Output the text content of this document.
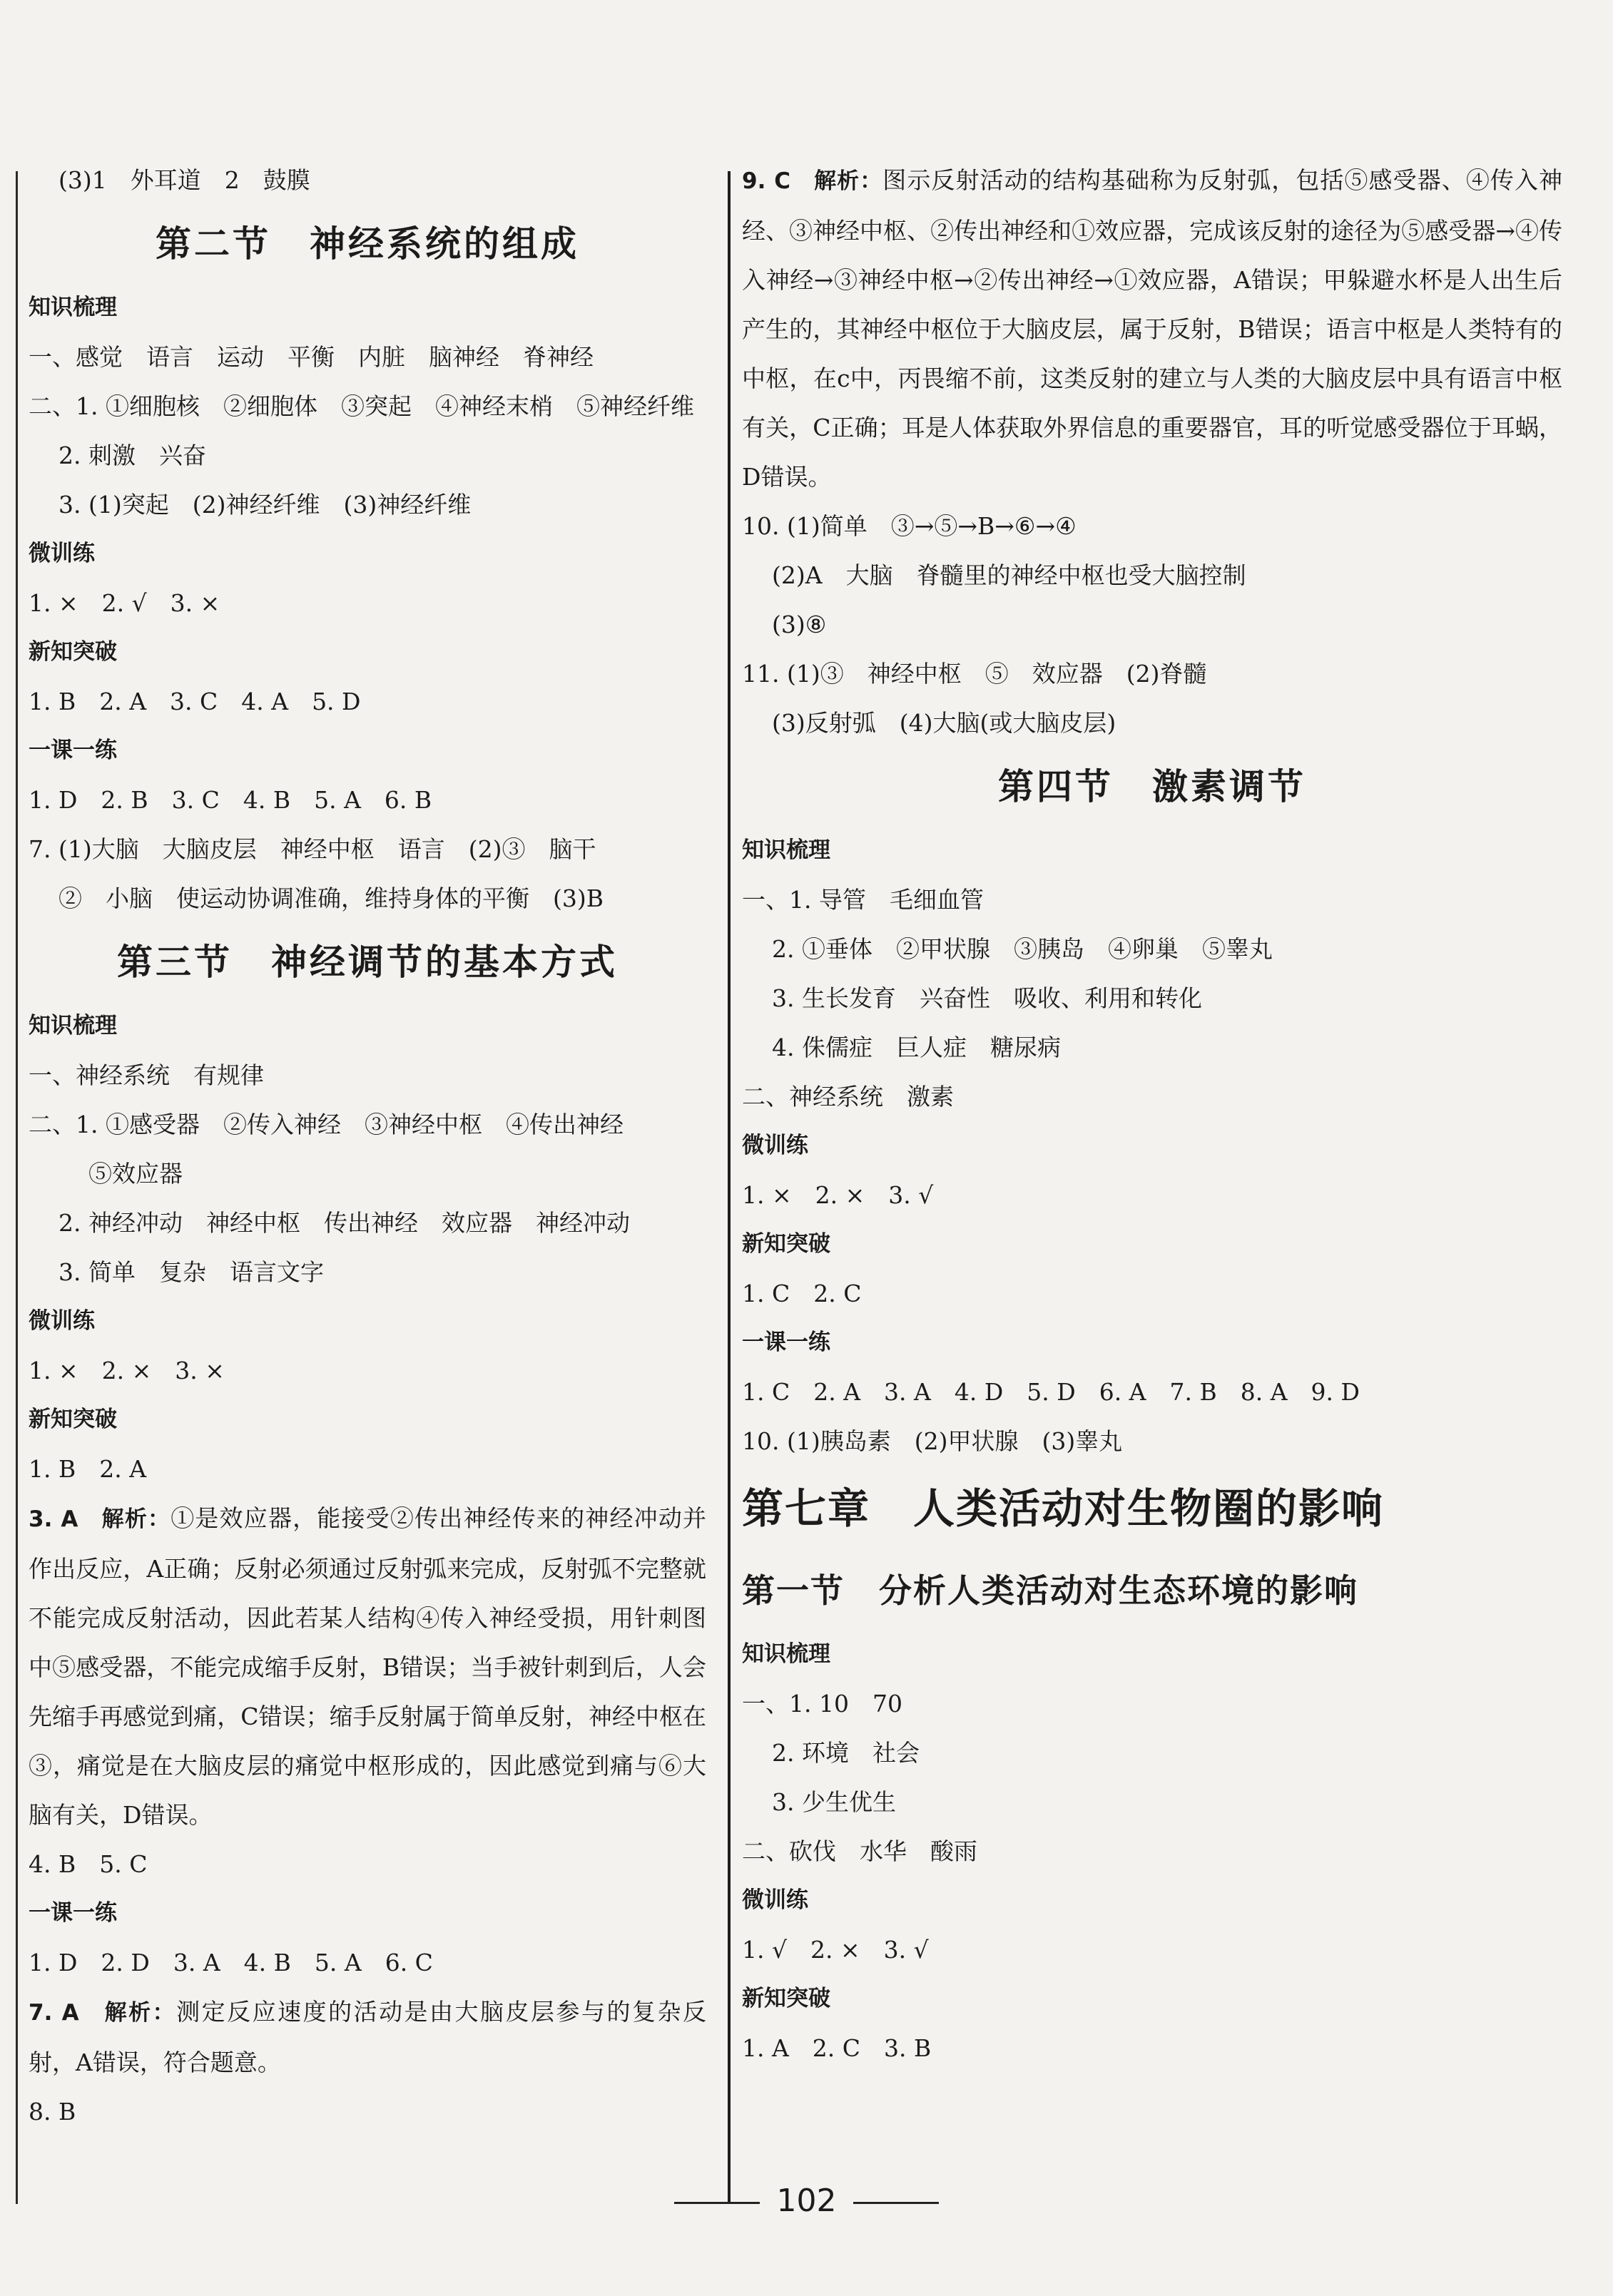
(3)1　外耳道　2　鼓膜
第二节　神经系统的组成
知识梳理
一、感觉　语言　运动　平衡　内脏　脑神经　脊神经
二、1. ①细胞核　②细胞体　③突起　④神经末梢　⑤神经纤维
2. 刺激　兴奋
3. (1)突起　(2)神经纤维　(3)神经纤维
微训练
1. ×　2. √　3. ×
新知突破
1. B　2. A　3. C　4. A　5. D
一课一练
1. D　2. B　3. C　4. B　5. A　6. B
7. (1)大脑　大脑皮层　神经中枢　语言　(2)③　脑干
②　小脑　使运动协调准确，维持身体的平衡　(3)B
第三节　神经调节的基本方式
知识梳理
一、神经系统　有规律
二、1. ①感受器　②传入神经　③神经中枢　④传出神经
⑤效应器
2. 神经冲动　神经中枢　传出神经　效应器　神经冲动
3. 简单　复杂　语言文字
微训练
1. ×　2. ×　3. ×
新知突破
1. B　2. A
3. A　解析：①是效应器，能接受②传出神经传来的神经冲动并作出反应，A正确；反射必须通过反射弧来完成，反射弧不完整就不能完成反射活动，因此若某人结构④传入神经受损，用针刺图中⑤感受器，不能完成缩手反射，B错误；当手被针刺到后，人会先缩手再感觉到痛，C错误；缩手反射属于简单反射，神经中枢在③，痛觉是在大脑皮层的痛觉中枢形成的，因此感觉到痛与⑥大脑有关，D错误。
4. B　5. C
一课一练
1. D　2. D　3. A　4. B　5. A　6. C
7. A　解析：测定反应速度的活动是由大脑皮层参与的复杂反射，A错误，符合题意。
8. B
9. C　解析：图示反射活动的结构基础称为反射弧，包括⑤感受器、④传入神经、③神经中枢、②传出神经和①效应器，完成该反射的途径为⑤感受器→④传入神经→③神经中枢→②传出神经→①效应器，A错误；甲躲避水杯是人出生后产生的，其神经中枢位于大脑皮层，属于反射，B错误；语言中枢是人类特有的中枢，在c中，丙畏缩不前，这类反射的建立与人类的大脑皮层中具有语言中枢有关，C正确；耳是人体获取外界信息的重要器官，耳的听觉感受器位于耳蜗，D错误。
10. (1)简单　③→⑤→B→⑥→④
(2)A　大脑　脊髓里的神经中枢也受大脑控制
(3)⑧
11. (1)③　神经中枢　⑤　效应器　(2)脊髓
(3)反射弧　(4)大脑(或大脑皮层)
第四节　激素调节
知识梳理
一、1. 导管　毛细血管
2. ①垂体　②甲状腺　③胰岛　④卵巢　⑤睾丸
3. 生长发育　兴奋性　吸收、利用和转化
4. 侏儒症　巨人症　糖尿病
二、神经系统　激素
微训练
1. ×　2. ×　3. √
新知突破
1. C　2. C
一课一练
1. C　2. A　3. A　4. D　5. D　6. A　7. B　8. A　9. D
10. (1)胰岛素　(2)甲状腺　(3)睾丸
第七章　人类活动对生物圈的影响
第一节　分析人类活动对生态环境的影响
知识梳理
一、1. 10　70
2. 环境　社会
3. 少生优生
二、砍伐　水华　酸雨
微训练
1. √　2. ×　3. √
新知突破
1. A　2. C　3. B
102
